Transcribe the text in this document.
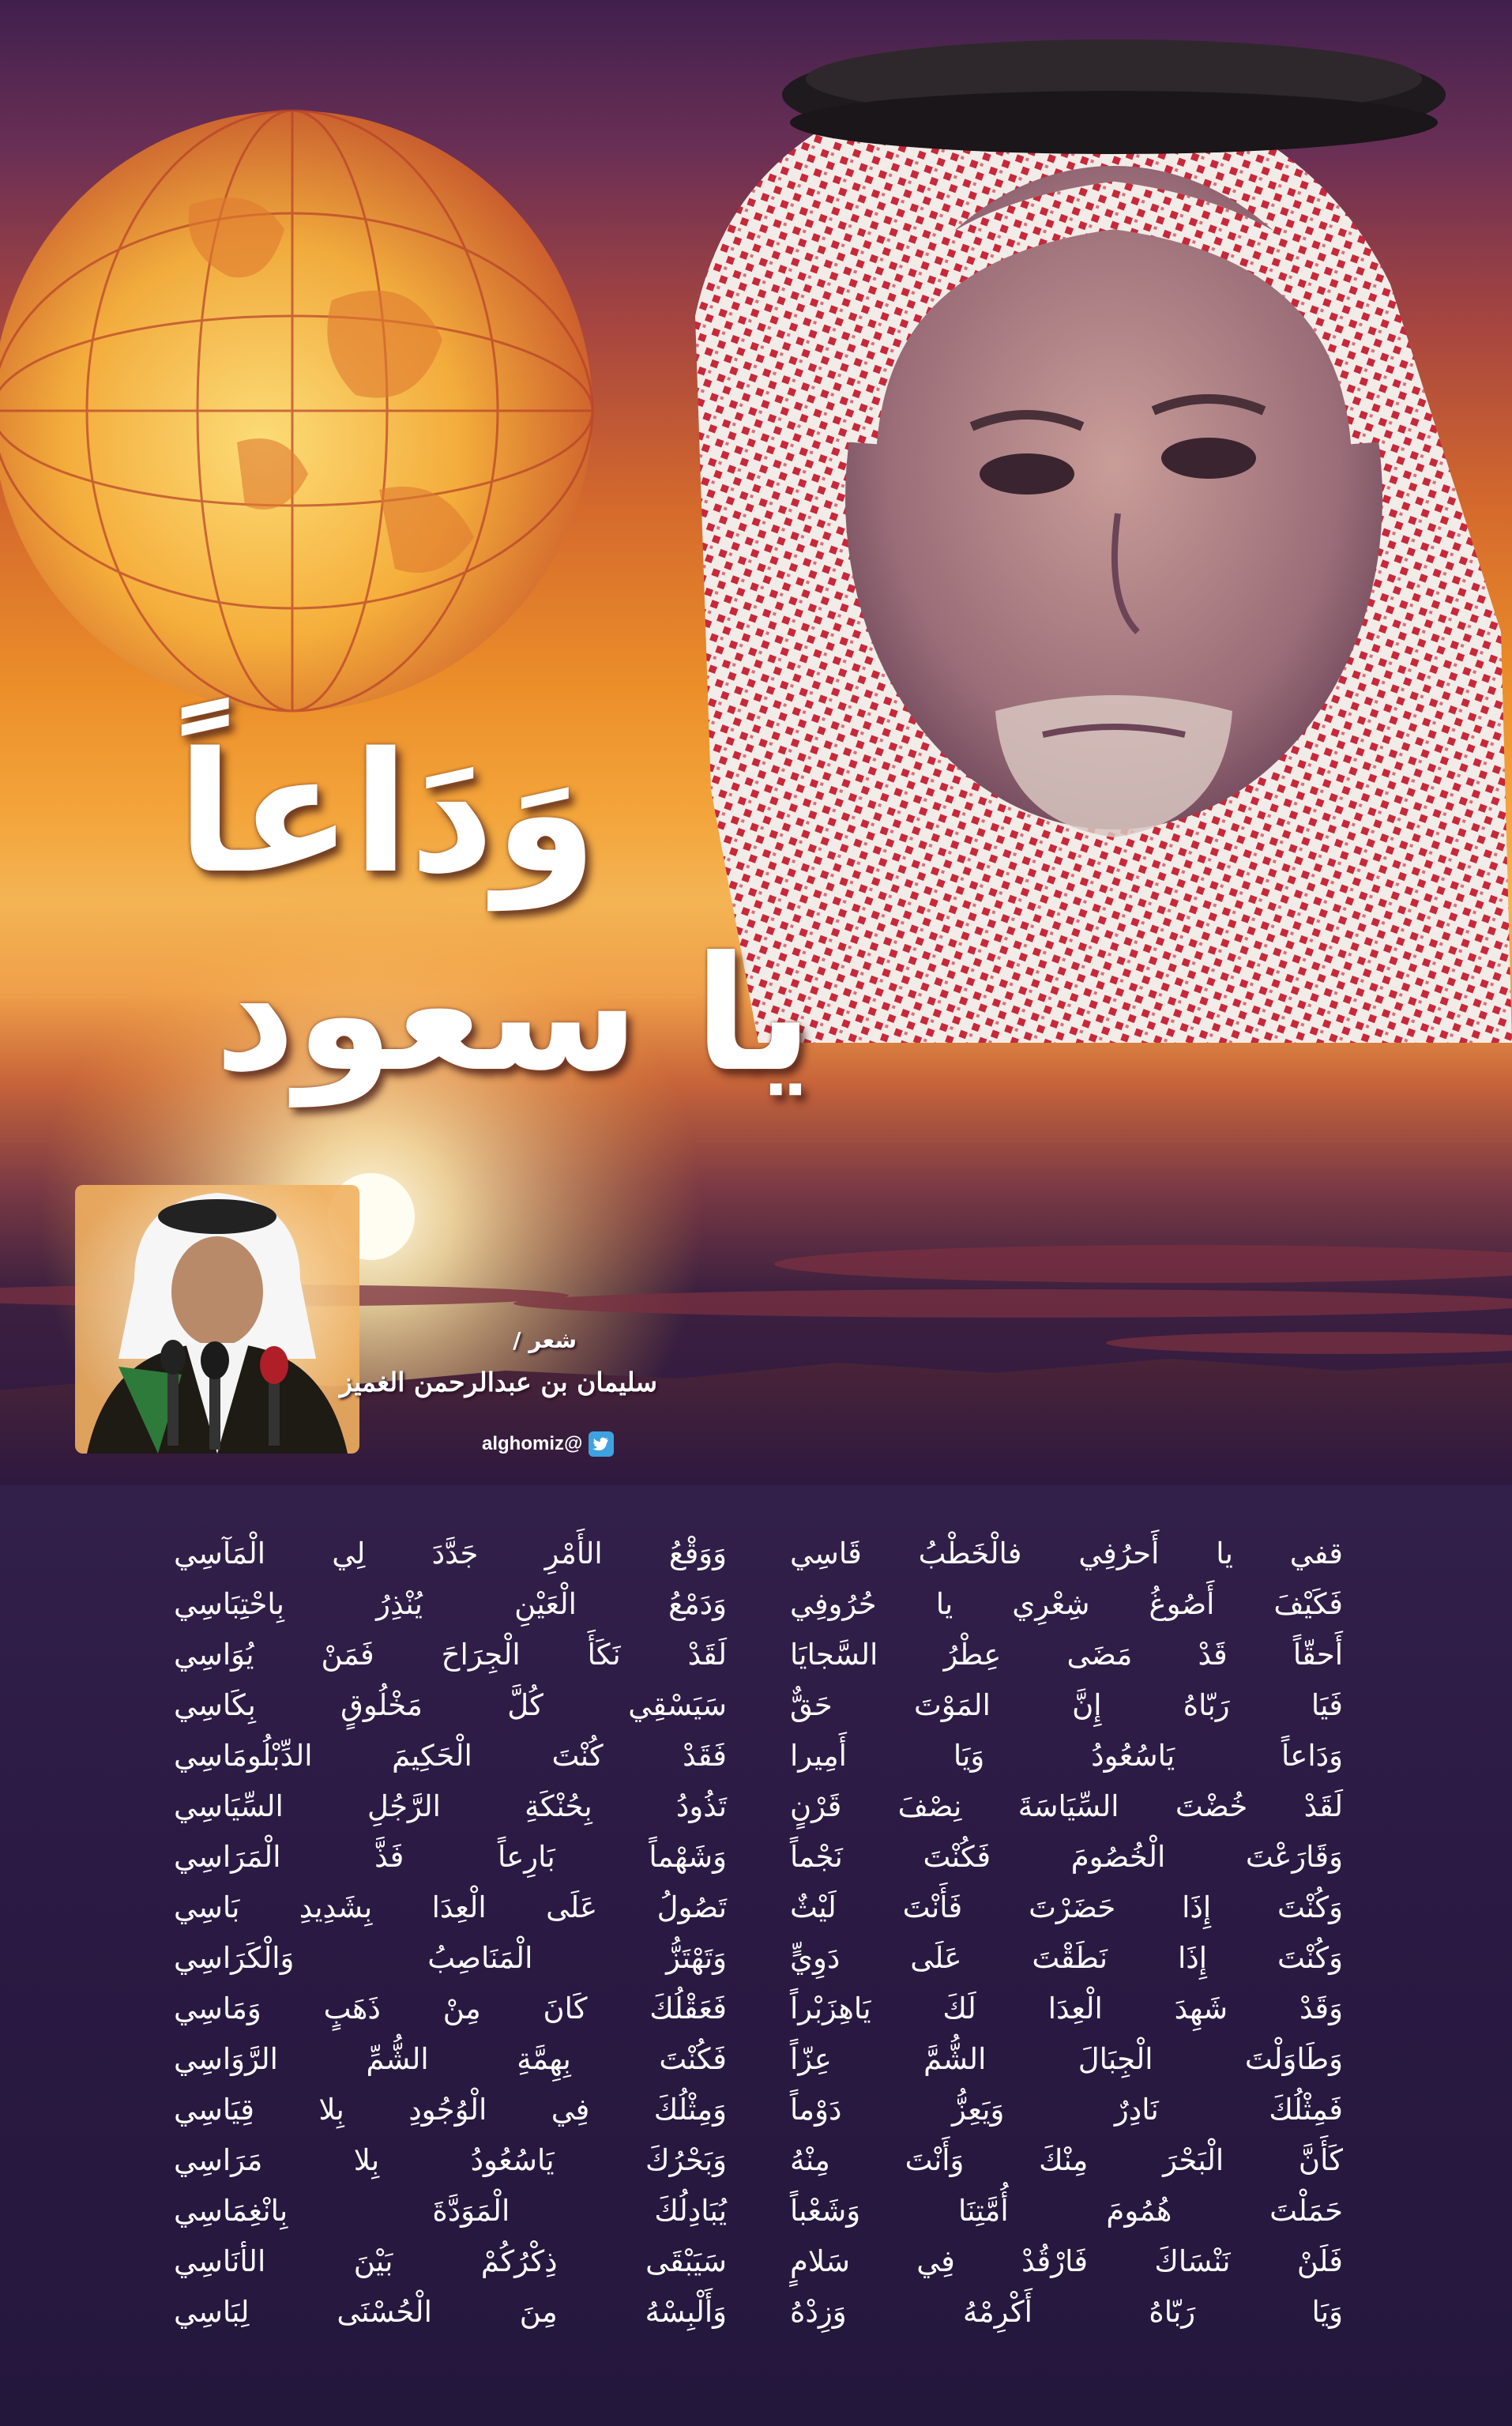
وَدَاعاً
يا سعود
شعر /
سليمان بن عبدالرحمن الغميز
alghomiz@
قفي يا أَحرُفِي فالْخَطْبُ قَاسِي
فَكَيْفَ أَصُوغُ شِعْرِي يا حُرُوفِي
أَحقّاً قَدْ مَضَى عِطْرُ السَّجايَا
فَيَا رَبّاهُ إِنَّ المَوْتَ حَقٌّ
وَدَاعاً يَاسُعُودُ وَيَا أَمِيرا
لَقَدْ خُضْتَ السِّيَاسَةَ نِصْفَ قَرْنٍ
وَقَارَعْتَ الْخُصُومَ فَكُنْتَ نَجْماً
وَكُنْتَ إِذَا حَضَرْتَ فَأَنْتَ لَيْثٌ
وَكُنْتَ إِذَا نَطَقْتَ عَلَى دَوِيٍّ
وَقَدْ شَهِدَ الْعِدَا لَكَ يَاهِزَبْراً
وَطَاوَلْتَ الْجِبَالَ الشُّمَّ عِزّاً
فَمِثْلُكَ نَادِرٌ وَيَعِزُّ دَوْماً
كَأَنَّ الْبَحْرَ مِنْكَ وَأَنْتَ مِنْهُ
حَمَلْتَ هُمُومَ أُمَّتِنَا وَشَعْباً
فَلَنْ نَنْسَاكَ فَارْقُدْ فِي سَلامٍ
وَيَا رَبّاهُ أَكْرِمْهُ وَزِدْهُ
وَوَقْعُ الأَمْرِ جَدَّدَ لِي الْمَآسِي
وَدَمْعُ الْعَيْنِ يُنْذِرُ بِاحْتِبَاسِي
لَقَدْ نَكَأَ الْجِرَاحَ فَمَنْ يُوَاسِي
سَيَسْقِي كُلَّ مَخْلُوقٍ بِكَاسِي
فَقَدْ كُنْتَ الْحَكِيمَ الدِّبْلُومَاسِي
تَذُودُ بِحُنْكَةِ الرَّجُلِ السِّيَاسِي
وَشَهْماً بَارِعاً فَذَّ الْمَرَاسِي
تَصُولُ عَلَى الْعِدَا بِشَدِيدِ بَاسِي
وَتَهْتَزُّ الْمَنَاصِبُ وَالْكَرَاسِي
فَعَقْلُكَ كَانَ مِنْ ذَهَبٍ وَمَاسِي
فَكُنْتَ بِهِمَّةِ الشُّمِّ الرَّوَاسِي
وَمِثْلُكَ فِي الْوُجُودِ بِلا قِيَاسِي
وَبَحْرُكَ يَاسُعُودُ بِلا مَرَاسِي
يُبَادِلُكَ الْمَوَدَّةَ بِانْغِمَاسِي
سَيَبْقَى ذِكْرُكُمْ بَيْنَ الأنَاسِي
وَأَلْبِسْهُ مِنَ الْحُسْنَى لِبَاسِي
